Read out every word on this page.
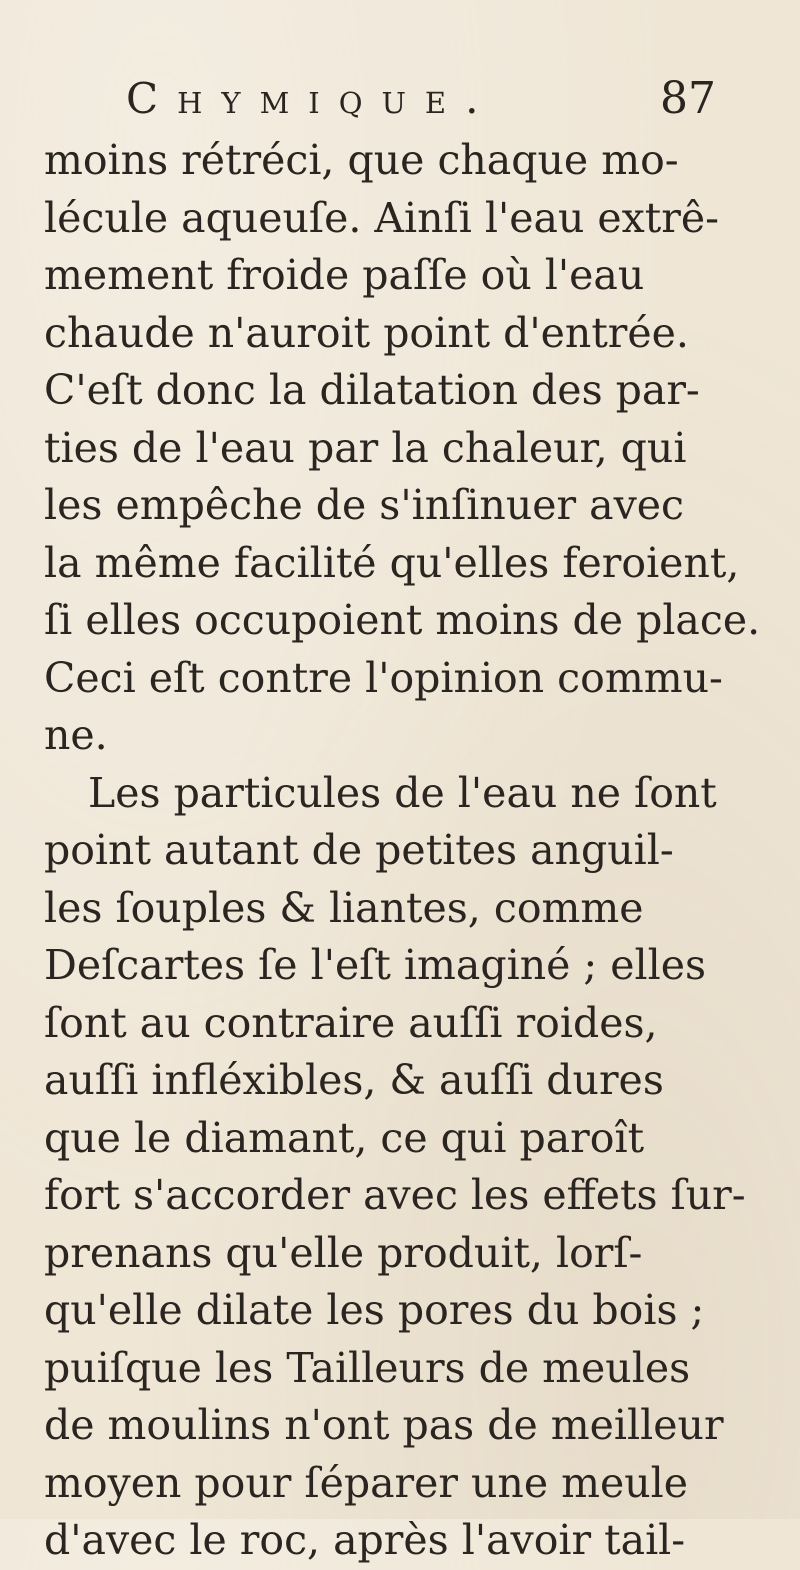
Chymique.	87
moins rétréci, que chaque mo-
lécule aqueuſe. Ainſi l'eau extrê-
mement froide paſſe où l'eau
chaude n'auroit point d'entrée.
C'eſt donc la dilatation des par-
ties de l'eau par la chaleur, qui
les empêche de s'inſinuer avec
la même facilité qu'elles feroient,
ſi elles occupoient moins de place.
Ceci eſt contre l'opinion commu-
ne.
Les particules de l'eau ne ſont
point autant de petites anguil-
les ſouples & liantes, comme
Deſcartes ſe l'eſt imaginé ; elles
ſont au contraire auſſi roides,
auſſi infléxibles, & auſſi dures
que le diamant, ce qui paroît
fort s'accorder avec les effets ſur-
prenans qu'elle produit, lorſ-
qu'elle dilate les pores du bois ;
puiſque les Tailleurs de meules
de moulins n'ont pas de meilleur
moyen pour ſéparer une meule
d'avec le roc, après l'avoir tail-
